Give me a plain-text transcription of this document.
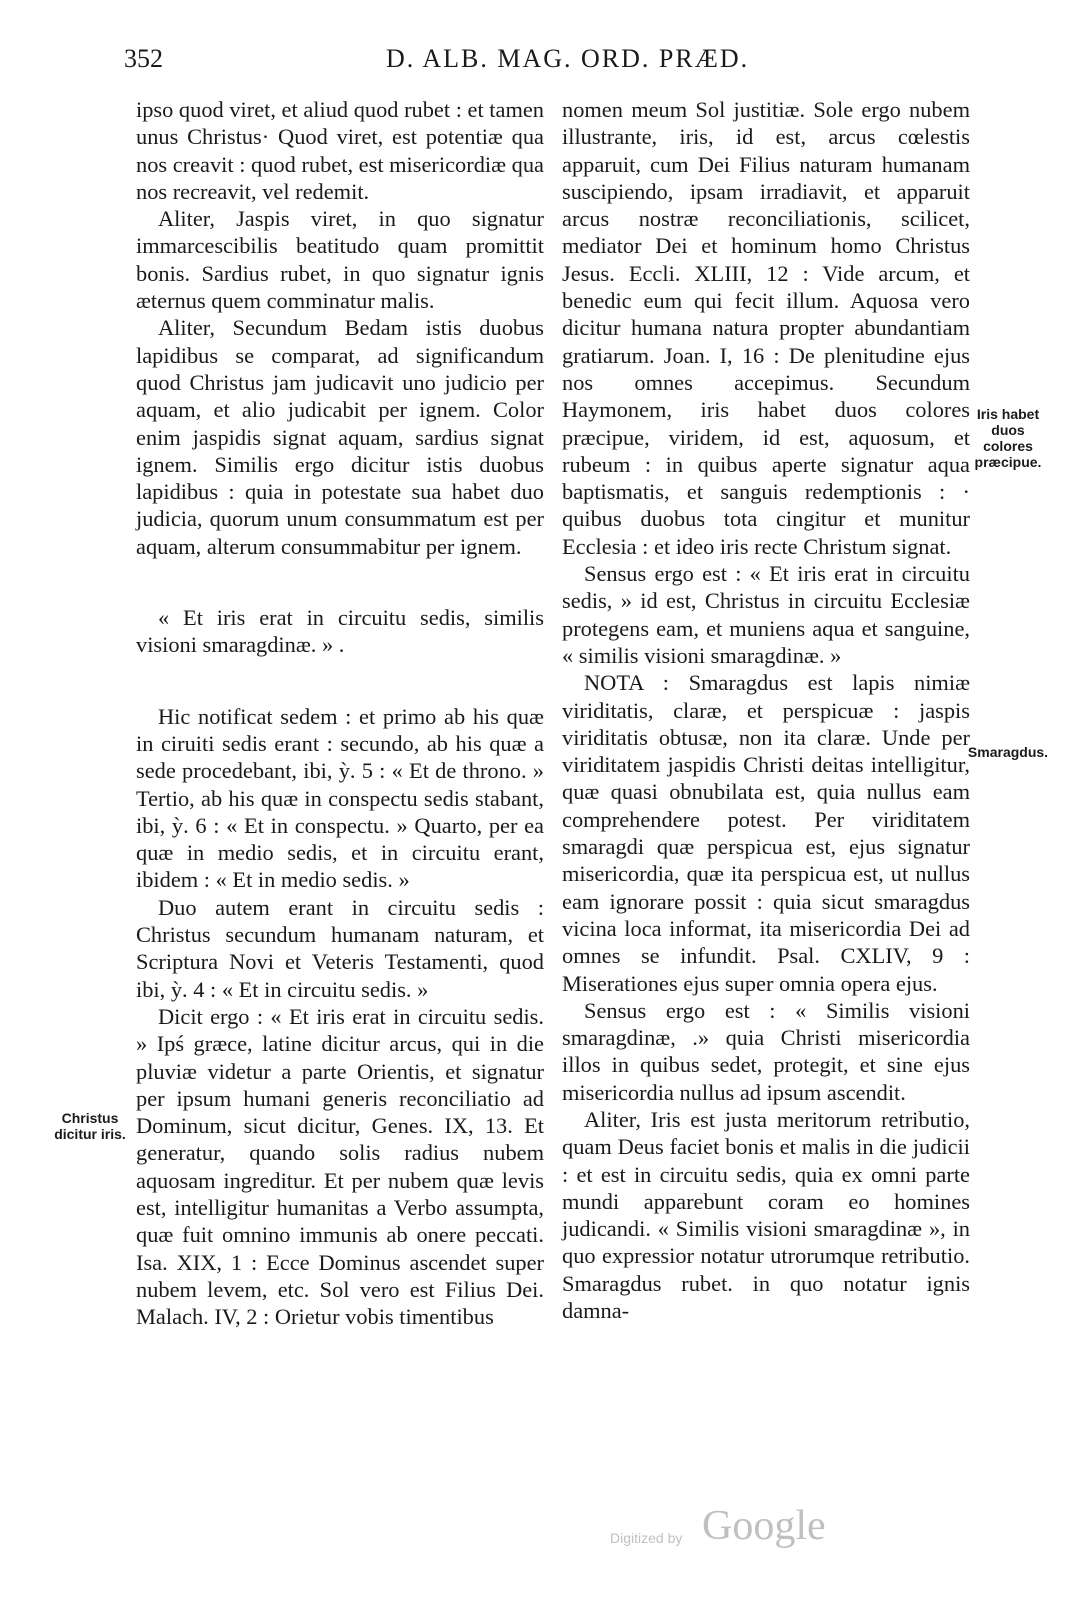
352	D. ALB. MAG. ORD. PRÆD.

ipso quod viret, et aliud quod rubet : et tamen unus Christus· Quod viret, est potentiæ qua nos creavit : quod rubet, est misericordiæ qua nos recreavit, vel redemit.

Aliter, Jaspis viret, in quo signatur immarcescibilis beatitudo quam promittit bonis. Sardius rubet, in quo signatur ignis æternus quem comminatur malis.

Aliter, Secundum Bedam istis duobus lapidibus se comparat, ad significandum quod Christus jam judicavit uno judicio per aquam, et alio judicabit per ignem. Color enim jaspidis signat aquam, sardius signat ignem. Similis ergo dicitur istis duobus lapidibus : quia in potestate sua habet duo judicia, quorum unum consummatum est per aquam, alterum consummabitur per ignem.

« Et iris erat in circuitu sedis, similis visioni smaragdinæ. » .

Hic notificat sedem : et primo ab his quæ in ciruiti sedis erant : secundo, ab his quæ a sede procedebant, ibi, ỳ. 5 : « Et de throno. » Tertio, ab his quæ in conspectu sedis stabant, ibi, ỳ. 6 : « Et in conspectu. » Quarto, per ea quæ in medio sedis, et in circuitu erant, ibidem : « Et in medio sedis. »

Duo autem erant in circuitu sedis : Christus secundum humanam naturam, et Scriptura Novi et Veteris Testamenti, quod ibi, ỳ. 4 : « Et in circuitu sedis. »

Dicit ergo : « Et iris erat in circuitu sedis. » Ipś græce, latine dicitur arcus, qui in die pluviæ videtur a parte Orientis, et signatur per ipsum humani generis reconciliatio ad Dominum, sicut dicitur, Genes. IX, 13. Et generatur, quando solis radius nubem aquosam ingreditur. Et per nubem quæ levis est, intelligitur humanitas a Verbo assumpta, quæ fuit omnino immunis ab onere peccati. Isa. XIX, 1 : Ecce Dominus ascendet super nubem levem, etc. Sol vero est Filius Dei. Malach. IV, 2 : Orietur vobis timentibus

nomen meum Sol justitiæ. Sole ergo nubem illustrante, iris, id est, arcus cœlestis apparuit, cum Dei Filius naturam humanam suscipiendo, ipsam irradiavit, et apparuit arcus nostræ reconciliationis, scilicet, mediator Dei et hominum homo Christus Jesus. Eccli. XLIII, 12 : Vide arcum, et benedic eum qui fecit illum. Aquosa vero dicitur humana natura propter abundantiam gratiarum. Joan. I, 16 : De plenitudine ejus nos omnes accepimus. Secundum Haymonem, iris habet duos colores præcipue, viridem, id est, aquosum, et rubeum : in quibus aperte signatur aqua baptismatis, et sanguis redemptionis : · quibus duobus tota cingitur et munitur Ecclesia : et ideo iris recte Christum signat.

Sensus ergo est : « Et iris erat in circuitu sedis, » id est, Christus in circuitu Ecclesiæ protegens eam, et muniens aqua et sanguine, « similis visioni smaragdinæ. »

NOTA : Smaragdus est lapis nimiæ viriditatis, claræ, et perspicuæ : jaspis viriditatis obtusæ, non ita claræ. Unde per viriditatem jaspidis Christi deitas intelligitur, quæ quasi obnubilata est, quia nullus eam comprehendere potest. Per viriditatem smaragdi quæ perspicua est, ejus signatur misericordia, quæ ita perspicua est, ut nullus eam ignorare possit : quia sicut smaragdus vicina loca informat, ita misericordia Dei ad omnes se infundit. Psal. CXLIV, 9 : Miserationes ejus super omnia opera ejus.

Sensus ergo est : « Similis visioni smaragdinæ, .» quia Christi misericordia illos in quibus sedet, protegit, et sine ejus misericordia nullus ad ipsum ascendit.

Aliter, Iris est justa meritorum retributio, quam Deus faciet bonis et malis in die judicii : et est in circuitu sedis, quia ex omni parte mundi apparebunt coram eo homines judicandi. « Similis visioni smaragdinæ », in quo expressior notatur utrorumque retributio. Smaragdus rubet. in quo notatur ignis damna-

Christus dicitur iris.
Iris habet duos colores præcipue.
Smaragdus.
Digitized by Google
